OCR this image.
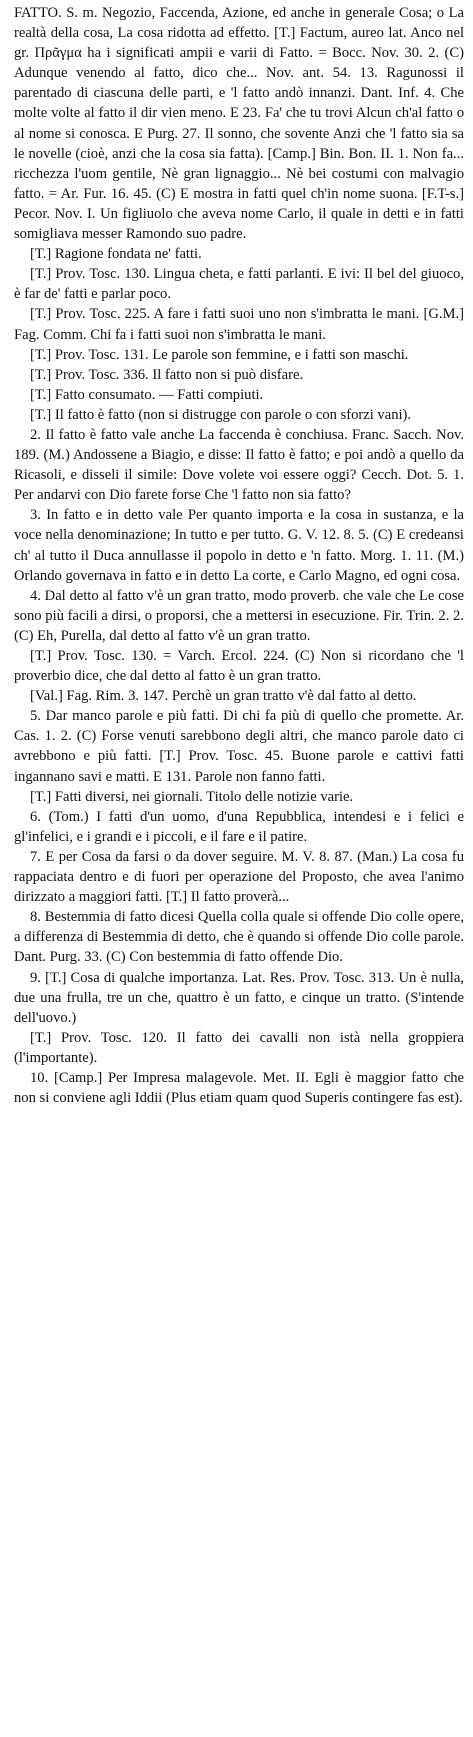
FATTO. S. m. Negozio, Faccenda, Azione, ed anche in generale Cosa; o La realtà della cosa, La cosa ridotta ad effetto. [T.] Factum, aureo lat. Anco nel gr. Πρᾶγμα ha i significati ampii e varii di Fatto. = Bocc. Nov. 30. 2. (C) Adunque venendo al fatto, dico che... Nov. ant. 54. 13. Ragunossi il parentado di ciascuna delle parti, e 'l fatto andò innanzi. Dant. Inf. 4. Che molte volte al fatto il dir vien meno. E 23. Fa' che tu trovi Alcun ch'al fatto o al nome si conosca. E Purg. 27. Il sonno, che sovente Anzi che 'l fatto sia sa le novelle (cioè, anzi che la cosa sia fatta). [Camp.] Bin. Bon. II. 1. Non fa... ricchezza l'uom gentile, Nè gran lignaggio... Nè bei costumi con malvagio fatto. = Ar. Fur. 16. 45. (C) E mostra in fatti quel ch'in nome suona. [F.T-s.] Pecor. Nov. I. Un figliuolo che aveva nome Carlo, il quale in detti e in fatti somigliava messer Ramondo suo padre.

[T.] Ragione fondata ne' fatti.

[T.] Prov. Tosc. 130. Lingua cheta, e fatti parlanti. E ivi: Il bel del giuoco, è far de' fatti e parlar poco.

[T.] Prov. Tosc. 225. A fare i fatti suoi uno non s'imbratta le mani. [G.M.] Fag. Comm. Chi fa i fatti suoi non s'imbratta le mani.

[T.] Prov. Tosc. 131. Le parole son femmine, e i fatti son maschi.

[T.] Prov. Tosc. 336. Il fatto non si può disfare.

[T.] Fatto consumato. — Fatti compiuti.

[T.] Il fatto è fatto (non si distrugge con parole o con sforzi vani).

2. Il fatto è fatto vale anche La faccenda è conchiusa. Franc. Sacch. Nov. 189. (M.) Andossene a Biagio, e disse: Il fatto è fatto; e poi andò a quello da Ricasoli, e disseli il simile: Dove volete voi essere oggi? Cecch. Dot. 5. 1. Per andarvi con Dio farete forse Che 'l fatto non sia fatto?

3. In fatto e in detto vale Per quanto importa e la cosa in sustanza, e la voce nella denominazione; In tutto e per tutto. G. V. 12. 8. 5. (C) E credeansi ch' al tutto il Duca annullasse il popolo in detto e 'n fatto. Morg. 1. 11. (M.) Orlando governava in fatto e in detto La corte, e Carlo Magno, ed ogni cosa.

4. Dal detto al fatto v'è un gran tratto, modo proverb. che vale che Le cose sono più facili a dirsi, o proporsi, che a mettersi in esecuzione. Fir. Trin. 2. 2. (C) Eh, Purella, dal detto al fatto v'è un gran tratto.

[T.] Prov. Tosc. 130. = Varch. Ercol. 224. (C) Non si ricordano che 'l proverbio dice, che dal detto al fatto è un gran tratto.

[Val.] Fag. Rim. 3. 147. Perchè un gran tratto v'è dal fatto al detto.

5. Dar manco parole e più fatti. Di chi fa più di quello che promette. Ar. Cas. 1. 2. (C) Forse venuti sarebbono degli altri, che manco parole dato ci avrebbono e più fatti. [T.] Prov. Tosc. 45. Buone parole e cattivi fatti ingannano savi e matti. E 131. Parole non fanno fatti.

[T.] Fatti diversi, nei giornali. Titolo delle notizie varie.

6. (Tom.) I fatti d'un uomo, d'una Repubblica, intendesi e i felici e gl'infelici, e i grandi e i piccoli, e il fare e il patire.

7. E per Cosa da farsi o da dover seguire. M. V. 8. 87. (Man.) La cosa fu rappaciata dentro e di fuori per operazione del Proposto, che avea l'animo dirizzato a maggiori fatti. [T.] Il fatto proverà...

8. Bestemmia di fatto dicesi Quella colla quale si offende Dio colle opere, a differenza di Bestemmia di detto, che è quando si offende Dio colle parole. Dant. Purg. 33. (C) Con bestemmia di fatto offende Dio.

9. [T.] Cosa di qualche importanza. Lat. Res. Prov. Tosc. 313. Un è nulla, due una frulla, tre un che, quattro è un fatto, e cinque un tratto. (S'intende dell'uovo.)

[T.] Prov. Tosc. 120. Il fatto dei cavalli non istà nella groppiera (l'importante).

10. [Camp.] Per Impresa malagevole. Met. II. Egli è maggior fatto che non si conviene agli Iddii (Plus etiam quam quod Superis contingere fas est).
